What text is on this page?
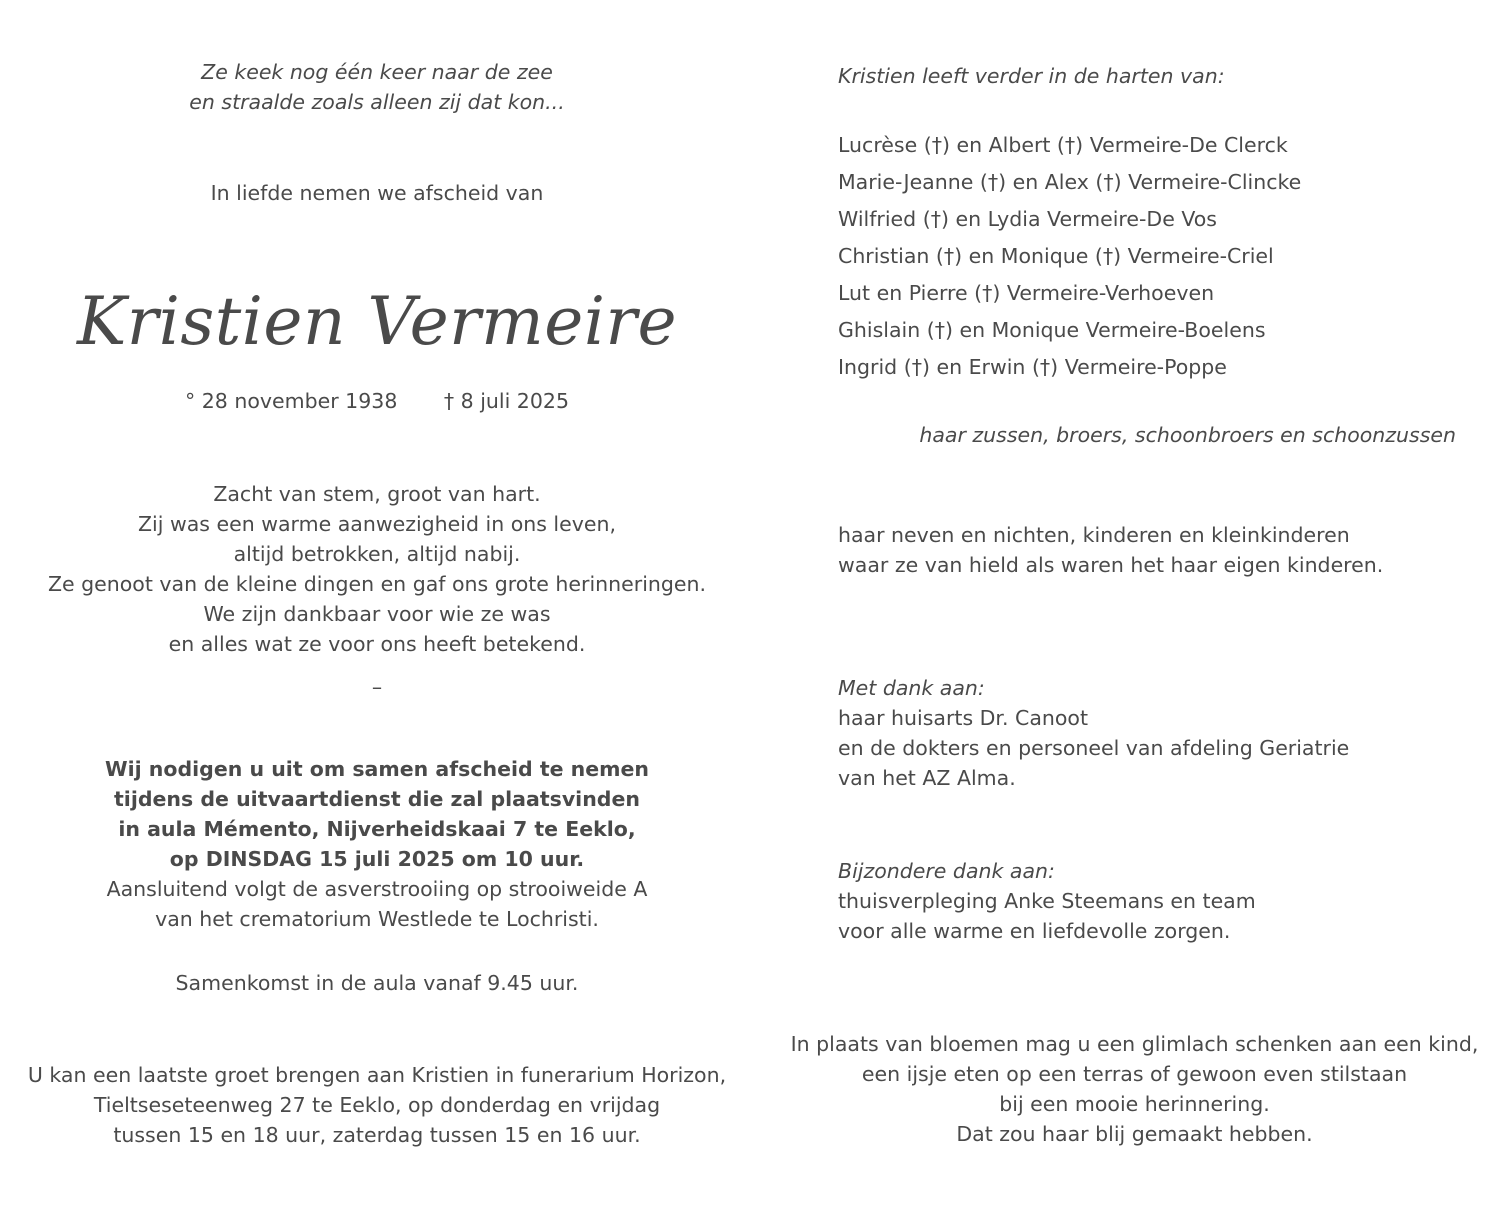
Ze keek nog één keer naar de zee
en straalde zoals alleen zij dat kon...
In liefde nemen we afscheid van
Kristien Vermeire
° 28 november 1938 † 8 juli 2025
Zacht van stem, groot van hart.
Zij was een warme aanwezigheid in ons leven,
altijd betrokken, altijd nabij.
Ze genoot van de kleine dingen en gaf ons grote herinneringen.
We zijn dankbaar voor wie ze was
en alles wat ze voor ons heeft betekend.
–
Wij nodigen u uit om samen afscheid te nemen
tijdens de uitvaartdienst die zal plaatsvinden
in aula Mémento, Nijverheidskaai 7 te Eeklo,
op DINSDAG 15 juli 2025 om 10 uur.
Aansluitend volgt de asverstrooiing op strooiweide A
van het crematorium Westlede te Lochristi.
Samenkomst in de aula vanaf 9.45 uur.
U kan een laatste groet brengen aan Kristien in funerarium Horizon,
Tieltseseteenweg 27 te Eeklo, op donderdag en vrijdag
tussen 15 en 18 uur, zaterdag tussen 15 en 16 uur.
Kristien leeft verder in de harten van:
Lucrèse (†) en Albert (†) Vermeire-De Clerck
Marie-Jeanne (†) en Alex (†) Vermeire-Clincke
Wilfried (†) en Lydia Vermeire-De Vos
Christian (†) en Monique (†) Vermeire-Criel
Lut en Pierre (†) Vermeire-Verhoeven
Ghislain (†) en Monique Vermeire-Boelens
Ingrid (†) en Erwin (†) Vermeire-Poppe
haar zussen, broers, schoonbroers en schoonzussen
haar neven en nichten, kinderen en kleinkinderen
waar ze van hield als waren het haar eigen kinderen.
Met dank aan:
haar huisarts Dr. Canoot
en de dokters en personeel van afdeling Geriatrie
van het AZ Alma.
Bijzondere dank aan:
thuisverpleging Anke Steemans en team
voor alle warme en liefdevolle zorgen.
In plaats van bloemen mag u een glimlach schenken aan een kind,
een ijsje eten op een terras of gewoon even stilstaan
bij een mooie herinnering.
Dat zou haar blij gemaakt hebben.
